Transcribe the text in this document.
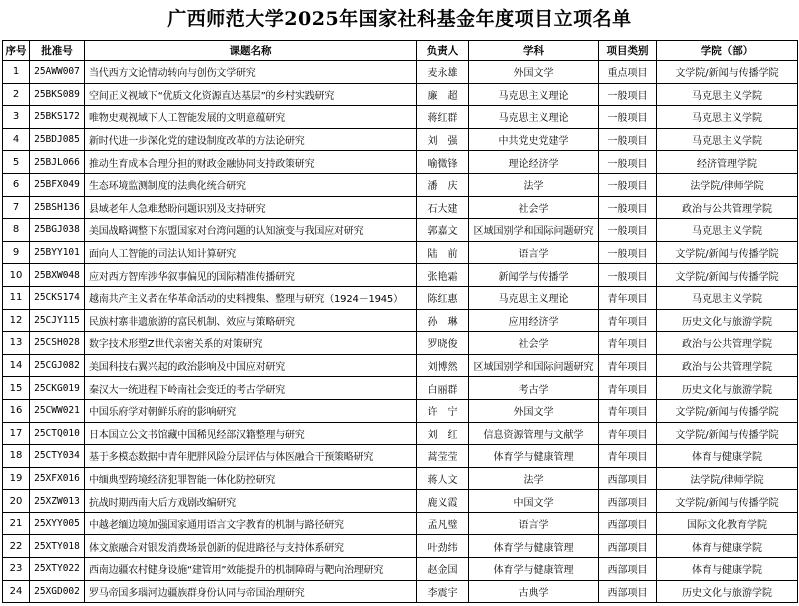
广西师范大学2025年国家社科基金年度项目立项名单
序号	批准号	课题名称	负责人	学科	项目类别	学院（部）
1	25AWW007	当代西方文论情动转向与创伤文学研究	麦永雄	外国文学	重点项目	文学院/新闻与传播学院
2	25BKS089	空间正义视域下“优质文化资源直达基层”的乡村实践研究	廉　超	马克思主义理论	一般项目	马克思主义学院
3	25BKS172	唯物史观视域下人工智能发展的文明意蕴研究	蒋红群	马克思主义理论	一般项目	马克思主义学院
4	25BDJ085	新时代进一步深化党的建设制度改革的方法论研究	刘　强	中共党史党建学	一般项目	马克思主义学院
5	25BJL066	推动生育成本合理分担的财政金融协同支持政策研究	喻微锋	理论经济学	一般项目	经济管理学院
6	25BFX049	生态环境监测制度的法典化统合研究	潘　庆	法学	一般项目	法学院/律师学院
7	25BSH136	县域老年人急难愁盼问题识别及支持研究	石大建	社会学	一般项目	政治与公共管理学院
8	25BGJ038	美国战略调整下东盟国家对台湾问题的认知演变与我国应对研究	郭嘉文	区域国别学和国际问题研究	一般项目	马克思主义学院
9	25BYY101	面向人工智能的司法认知计算研究	陆　前	语言学	一般项目	文学院/新闻与传播学院
10	25BXW048	应对西方智库涉华叙事偏见的国际精准传播研究	张艳霜	新闻学与传播学	一般项目	文学院/新闻与传播学院
11	25CKS174	越南共产主义者在华革命活动的史料搜集、整理与研究（1924－1945）	陈红惠	马克思主义理论	青年项目	马克思主义学院
12	25CJY115	民族村寨非遗旅游的富民机制、效应与策略研究	孙　琳	应用经济学	青年项目	历史文化与旅游学院
13	25CSH028	数字技术形塑Z世代亲密关系的对策研究	罗晓俊	社会学	青年项目	政治与公共管理学院
14	25CGJ082	美国科技右翼兴起的政治影响及中国应对研究	刘博然	区域国别学和国际问题研究	青年项目	政治与公共管理学院
15	25CKG019	秦汉大一统进程下岭南社会变迁的考古学研究	白丽群	考古学	青年项目	历史文化与旅游学院
16	25CWW021	中国乐府学对朝鲜乐府的影响研究	许　宁	外国文学	青年项目	文学院/新闻与传播学院
17	25CTQ010	日本国立公文书馆藏中国稀见经部汉籍整理与研究	刘　红	信息资源管理与文献学	青年项目	文学院/新闻与传播学院
18	25CTY034	基于多模态数据中青年肥胖风险分层评估与体医融合干预策略研究	蒿莹莹	体育学与健康管理	青年项目	体育与健康学院
19	25XFX016	中缅典型跨境经济犯罪智能一体化防控研究	蒋人文	法学	西部项目	法学院/律师学院
20	25XZW013	抗战时期西南大后方戏剧改编研究	鹿义霞	中国文学	西部项目	文学院/新闻与传播学院
21	25XYY005	中越老缅边境加强国家通用语言文字教育的机制与路径研究	孟凡璧	语言学	西部项目	国际文化教育学院
22	25XTY018	体文旅融合对银发消费场景创新的促进路径与支持体系研究	叶劲纬	体育学与健康管理	西部项目	体育与健康学院
23	25XTY022	西南边疆农村健身设施“建管用”效能提升的机制障碍与靶向治理研究	赵金国	体育学与健康管理	西部项目	体育与健康学院
24	25XGD002	罗马帝国多瑙河边疆族群身份认同与帝国治理研究	李震宇	古典学	西部项目	历史文化与旅游学院
